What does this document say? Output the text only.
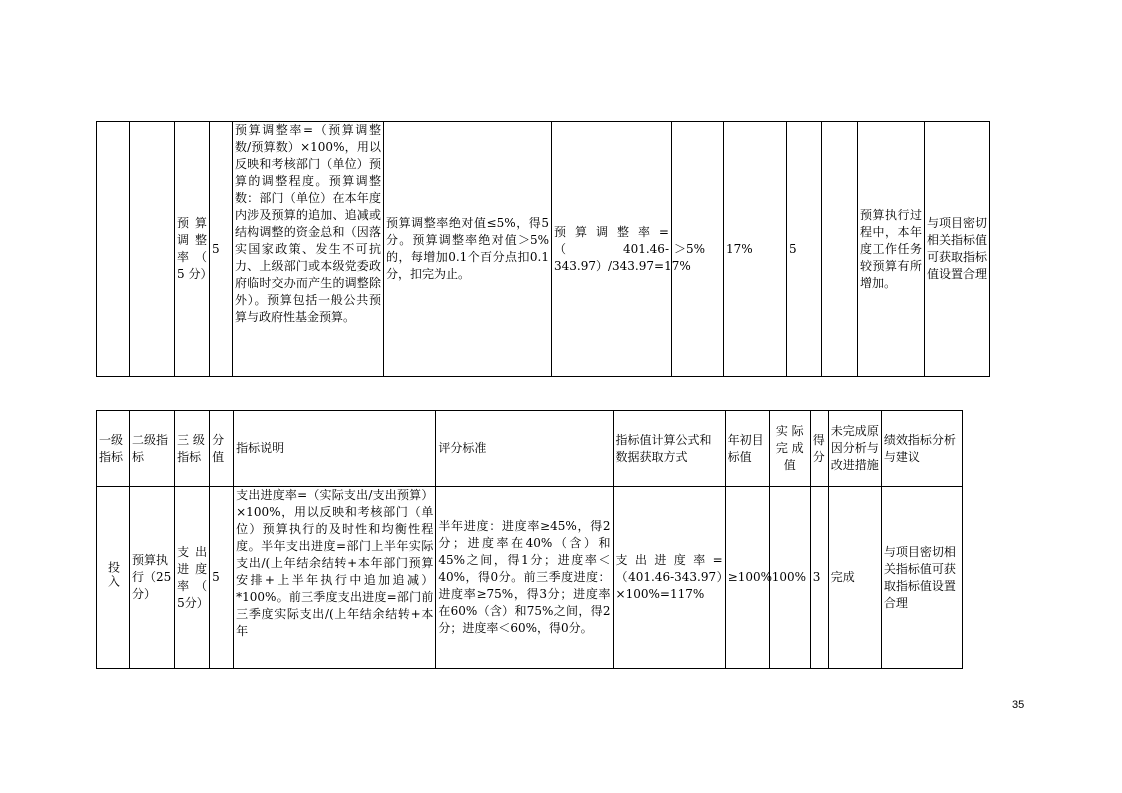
		预 算 调 整 率 （ 5 分）	5	预算调整率=（预算调整数/预算数）×100%，用以反映和考核部门（单位）预算的调整程度。预算调整数：部门（单位）在本年度内涉及预算的追加、追减或结构调整的资金总和（因落实国家政策、发生不可抗力、上级部门或本级党委政府临时交办而产生的调整除外）。预算包括一般公共预算与政府性基金预算。	预算调整率绝对值≤5%，得5分。预算调整率绝对值＞5%的，每增加0.1个百分点扣0.1分，扣完为止。	预 算 调 整 率 =（401.46-343.97）/343.97=17%	＞5%	17%	5		预算执行过程中，本年度工作任务较预算有所增加。	与项目密切相关指标值可获取指标值设置合理
一级指标	二级指标	三 级指标	分值	指标说明	评分标准	指标值计算公式和数据获取方式	年初目标值	实 际完 成值	得分	未完成原因分析与改进措施	绩效指标分析与建议
投入	预算执行（25分）	支 出进 度率（ 5分）	5	支出进度率=（实际支出/支出预算）×100%，用以反映和考核部门（单位）预算执行的及时性和均衡性程度。半年支出进度=部门上半年实际支出/(上年结余结转+本年部门预算安排+上半年执行中追加追减）*100%。前三季度支出进度=部门前三季度实际支出/(上年结余结转+本年	半年进度：进度率≥45%，得2分；进度率在40%（含）和45%之间，得1分；进度率＜40%，得0分。前三季度进度：进度率≥75%，得3分；进度率在60%（含）和75%之间，得2分；进度率＜60%，得0分。	支 出 进 度 率 =（401.46-343.97）×100%=117%	≥100%	100%	3	完成	与项目密切相关指标值可获取指标值设置合理
35
